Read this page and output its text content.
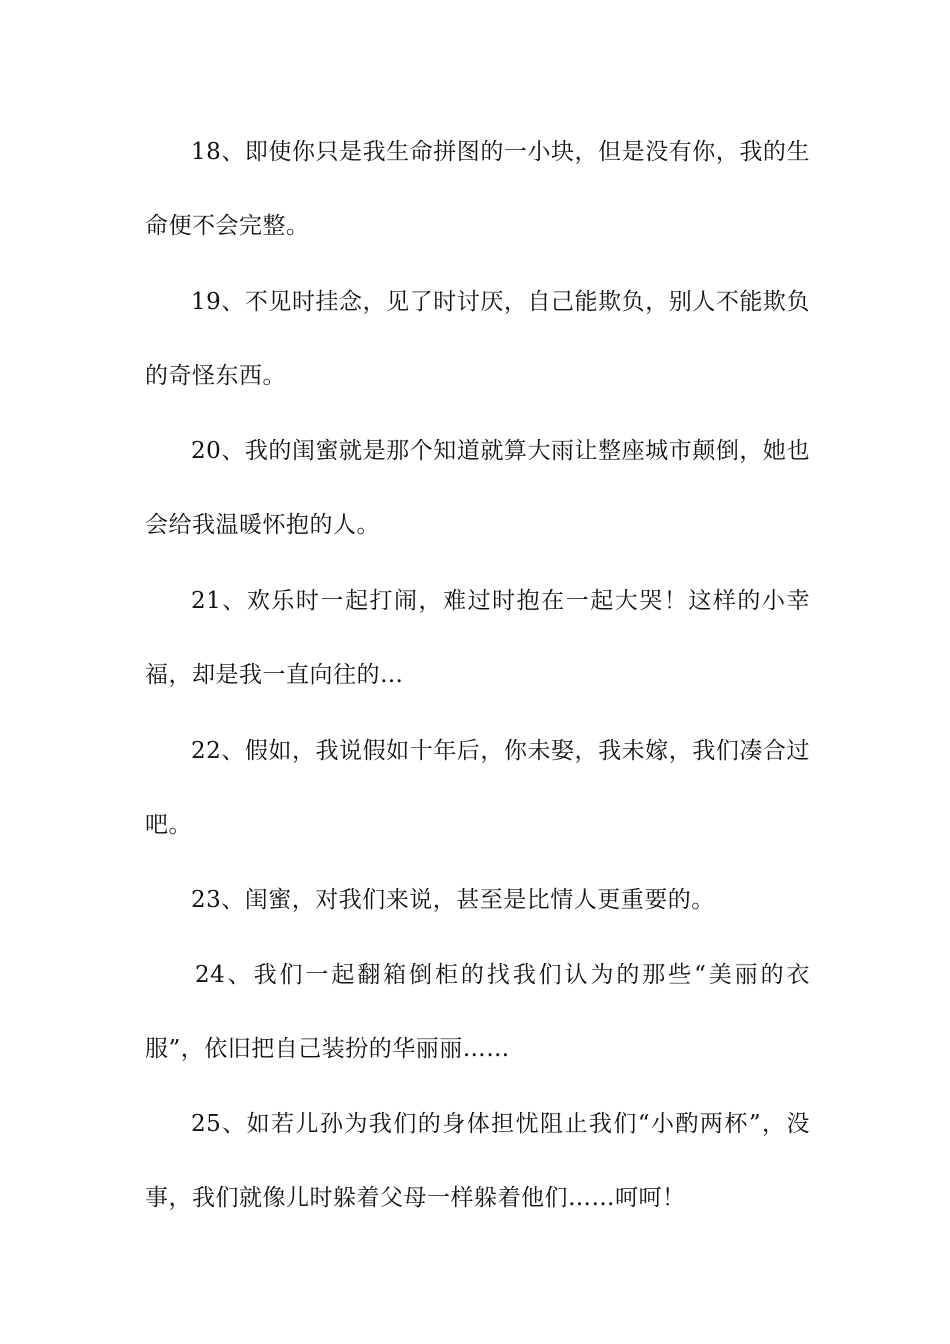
18、即使你只是我生命拼图的一小块，但是没有你，我的生命便不会完整。

19、不见时挂念，见了时讨厌，自己能欺负，别人不能欺负的奇怪东西。

20、我的闺蜜就是那个知道就算大雨让整座城市颠倒，她也会给我温暖怀抱的人。

21、欢乐时一起打闹，难过时抱在一起大哭！这样的小幸福，却是我一直向往的…

22、假如，我说假如十年后，你未娶，我未嫁，我们凑合过吧。

23、闺蜜，对我们来说，甚至是比情人更重要的。

24、我们一起翻箱倒柜的找我们认为的那些“美丽的衣服”，依旧把自己装扮的华丽丽……

25、如若儿孙为我们的身体担忧阻止我们“小酌两杯”，没事，我们就像儿时躲着父母一样躲着他们……呵呵！
